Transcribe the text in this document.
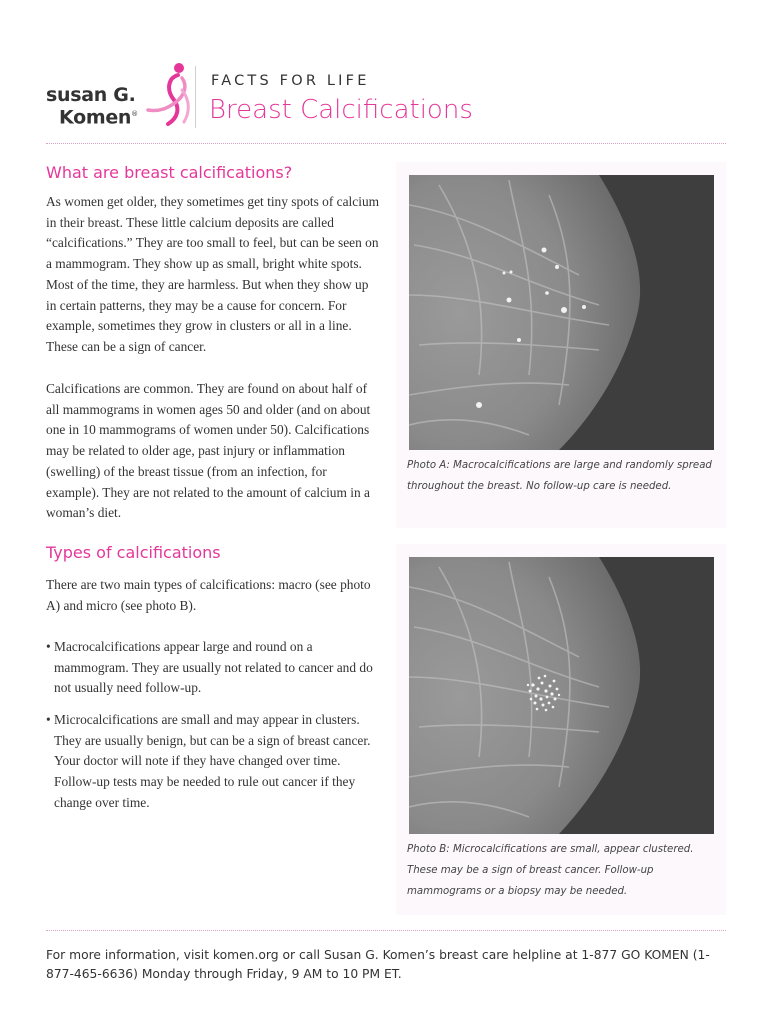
susan G.
Komen®
FACTS FOR LIFE
Breast Calcifications
What are breast calcifications?

As women get older, they sometimes get tiny spots of calcium in their breast. These little calcium deposits are called “calcifications.” They are too small to feel, but can be seen on a mammogram. They show up as small, bright white spots. Most of the time, they are harmless. But when they show up in certain patterns, they may be a cause for concern. For example, sometimes they grow in clusters or all in a line. These can be a sign of cancer.

Calcifications are common. They are found on about half of all mammograms in women ages 50 and older (and on about one in 10 mammograms of women under 50). Calcifications may be related to older age, past injury or inflammation (swelling) of the breast tissue (from an infection, for example). They are not related to the amount of calcium in a woman’s diet.

Types of calcifications

There are two main types of calcifications: macro (see photo A) and micro (see photo B).

• Macrocalcifications appear large and round on a mammogram. They are usually not related to cancer and do not usually need follow-up.

• Microcalcifications are small and may appear in clusters. They are usually benign, but can be a sign of breast cancer. Your doctor will note if they have changed over time. Follow-up tests may be needed to rule out cancer if they change over time.

Photo A: Macrocalcifications are large and randomly spread throughout the breast. No follow-up care is needed.

Photo B: Microcalcifications are small, appear clustered. These may be a sign of breast cancer. Follow-up mammograms or a biopsy may be needed.

For more information, visit komen.org or call Susan G. Komen’s breast care helpline at 1-877 GO KOMEN (1-877-465-6636) Monday through Friday, 9 AM to 10 PM ET.
